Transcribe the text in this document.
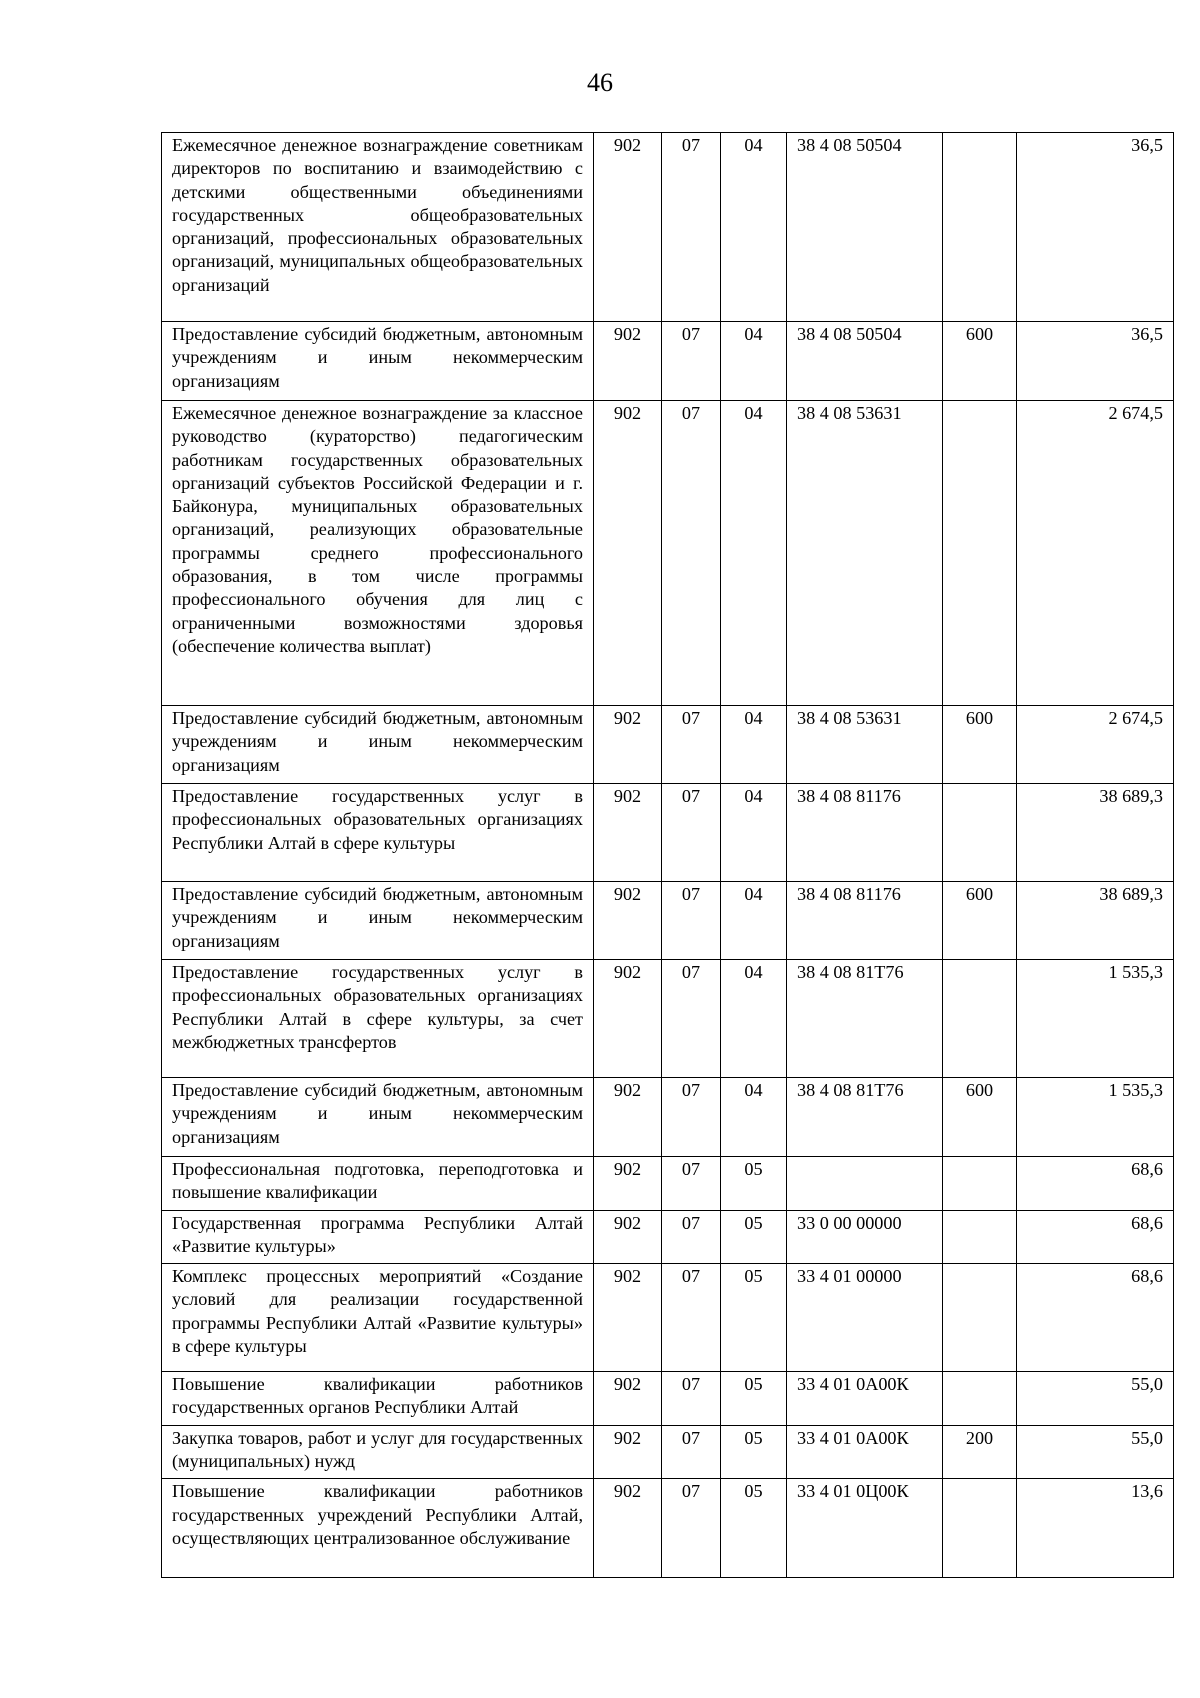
46
Ежемесячное денежное вознаграждение советникам директоров по воспитанию и взаимодействию с детскими общественными объединениями государственных общеобразовательных организаций, профессиональных образовательных организаций, муниципальных общеобразовательных организаций	902	07	04	38 4 08 50504		36,5
Предоставление субсидий бюджетным, автономным учреждениям и иным некоммерческим организациям	902	07	04	38 4 08 50504	600	36,5
Ежемесячное денежное вознаграждение за классное руководство (кураторство) педагогическим работникам государственных образовательных организаций субъектов Российской Федерации и г. Байконура, муниципальных образовательных организаций, реализующих образовательные программы среднего профессионального образования, в том числе программы профессионального обучения для лиц с ограниченными возможностями здоровья (обеспечение количества выплат)	902	07	04	38 4 08 53631		2 674,5
Предоставление субсидий бюджетным, автономным учреждениям и иным некоммерческим организациям	902	07	04	38 4 08 53631	600	2 674,5
Предоставление государственных услуг в профессиональных образовательных организациях Республики Алтай в сфере культуры	902	07	04	38 4 08 81176		38 689,3
Предоставление субсидий бюджетным, автономным учреждениям и иным некоммерческим организациям	902	07	04	38 4 08 81176	600	38 689,3
Предоставление государственных услуг в профессиональных образовательных организациях Республики Алтай в сфере культуры, за счет межбюджетных трансфертов	902	07	04	38 4 08 81Т76		1 535,3
Предоставление субсидий бюджетным, автономным учреждениям и иным некоммерческим организациям	902	07	04	38 4 08 81Т76	600	1 535,3
Профессиональная подготовка, переподготовка и повышение квалификации	902	07	05			68,6
Государственная программа Республики Алтай «Развитие культуры»	902	07	05	33 0 00 00000		68,6
Комплекс процессных мероприятий «Создание условий для реализации государственной программы Республики Алтай «Развитие культуры» в сфере культуры	902	07	05	33 4 01 00000		68,6
Повышение квалификации работников государственных органов Республики Алтай	902	07	05	33 4 01 0А00К		55,0
Закупка товаров, работ и услуг для государственных (муниципальных) нужд	902	07	05	33 4 01 0А00К	200	55,0
Повышение квалификации работников государственных учреждений Республики Алтай, осуществляющих централизованное обслуживание	902	07	05	33 4 01 0Ц00К		13,6
